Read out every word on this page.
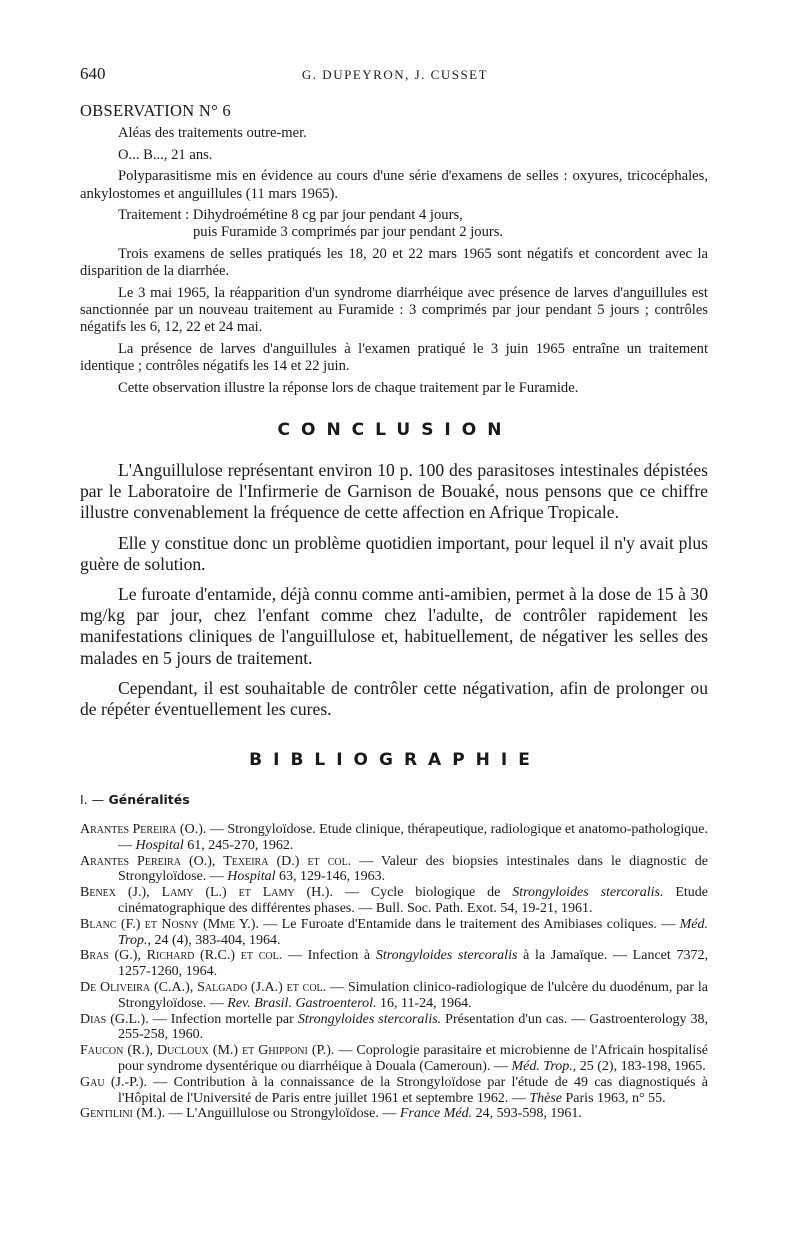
640	G. DUPEYRON, J. CUSSET
OBSERVATION N° 6

Aléas des traitements outre-mer.

O... B..., 21 ans.

Polyparasitisme mis en évidence au cours d'une série d'examens de selles : oxyures, tricocéphales, ankylostomes et anguillules (11 mars 1965).

Traitement : Dihydroémétine 8 cg par jour pendant 4 jours,

puis Furamide 3 comprimés par jour pendant 2 jours.

Trois examens de selles pratiqués les 18, 20 et 22 mars 1965 sont négatifs et concordent avec la disparition de la diarrhée.

Le 3 mai 1965, la réapparition d'un syndrome diarrhéique avec présence de larves d'anguillules est sanctionnée par un nouveau traitement au Furamide : 3 comprimés par jour pendant 5 jours ; contrôles négatifs les 6, 12, 22 et 24 mai.

La présence de larves d'anguillules à l'examen pratiqué le 3 juin 1965 entraîne un traitement identique ; contrôles négatifs les 14 et 22 juin.

Cette observation illustre la réponse lors de chaque traitement par le Furamide.

CONCLUSION

L'Anguillulose représentant environ 10 p. 100 des parasitoses intestinales dépistées par le Laboratoire de l'Infirmerie de Garnison de Bouaké, nous pensons que ce chiffre illustre convenablement la fréquence de cette affection en Afrique Tropicale.

Elle y constitue donc un problème quotidien important, pour lequel il n'y avait plus guère de solution.

Le furoate d'entamide, déjà connu comme anti-amibien, permet à la dose de 15 à 30 mg/kg par jour, chez l'enfant comme chez l'adulte, de contrôler rapidement les manifestations cliniques de l'anguillulose et, habituellement, de négativer les selles des malades en 5 jours de traitement.

Cependant, il est souhaitable de contrôler cette négativation, afin de prolonger ou de répéter éventuellement les cures.

BIBLIOGRAPHIE
I. — Généralités

Arantes Pereira (O.). — Strongyloïdose. Etude clinique, thérapeutique, radiologique et anatomo-pathologique. — Hospital 61, 245-270, 1962.

Arantes Pereira (O.), Texeira (D.) et col. — Valeur des biopsies intestinales dans le diagnostic de Strongyloïdose. — Hospital 63, 129-146, 1963.

Benex (J.), Lamy (L.) et Lamy (H.). — Cycle biologique de Strongyloides stercoralis. Etude cinématographique des différentes phases. — Bull. Soc. Path. Exot. 54, 19-21, 1961.

Blanc (F.) et Nosny (Mme Y.). — Le Furoate d'Entamide dans le traitement des Amibiases coliques. — Méd. Trop., 24 (4), 383-404, 1964.

Bras (G.), Richard (R.C.) et col. — Infection à Strongyloides stercoralis à la Jamaïque. — Lancet 7372, 1257-1260, 1964.

De Oliveira (C.A.), Salgado (J.A.) et col. — Simulation clinico-radiologique de l'ulcère du duodénum, par la Strongyloïdose. — Rev. Brasil. Gastroenterol. 16, 11-24, 1964.

Dias (G.L.). — Infection mortelle par Strongyloides stercoralis. Présentation d'un cas. — Gastroenterology 38, 255-258, 1960.

Faucon (R.), Ducloux (M.) et Ghipponi (P.). — Coprologie parasitaire et microbienne de l'Africain hospitalisé pour syndrome dysentérique ou diarrhéique à Douala (Cameroun). — Méd. Trop., 25 (2), 183-198, 1965.

Gau (J.-P.). — Contribution à la connaissance de la Strongyloïdose par l'étude de 49 cas diagnostiqués à l'Hôpital de l'Université de Paris entre juillet 1961 et septembre 1962. — Thèse Paris 1963, n° 55.

Gentilini (M.). — L'Anguillulose ou Strongyloïdose. — France Méd. 24, 593-598, 1961.
